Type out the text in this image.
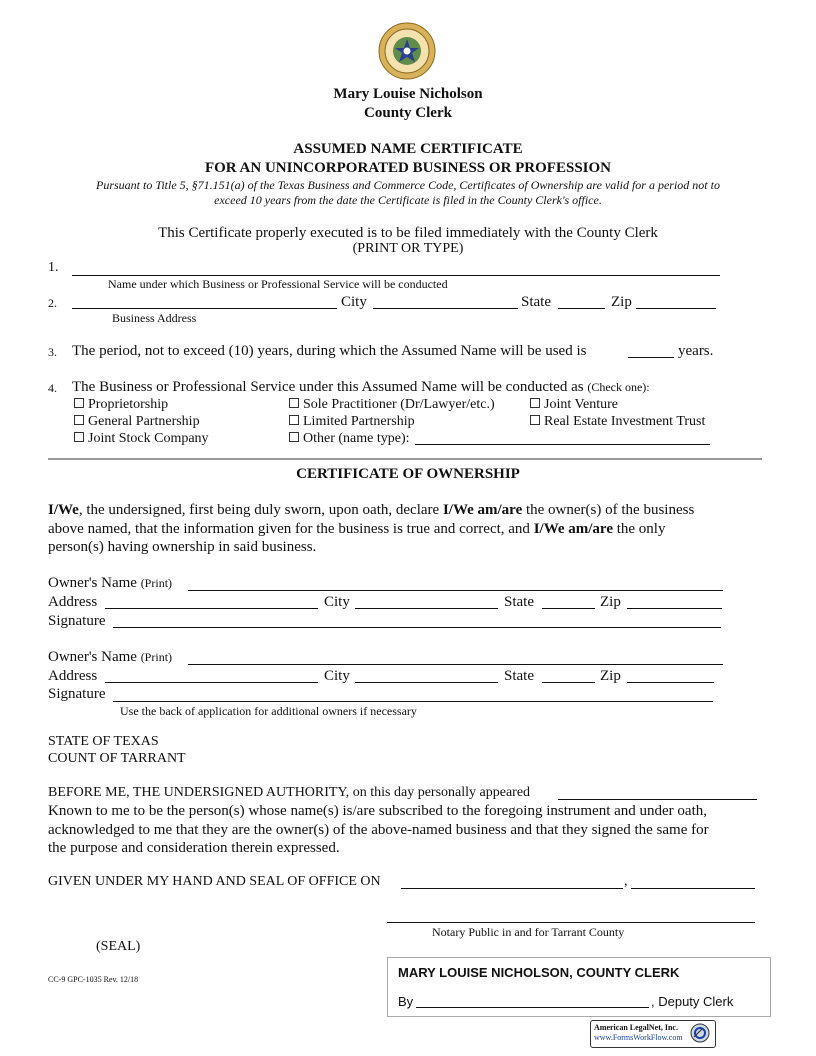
Mary Louise Nicholson
County Clerk
ASSUMED NAME CERTIFICATE
FOR AN UNINCORPORATED BUSINESS OR PROFESSION
Pursuant to Title 5, §71.151(a) of the Texas Business and Commerce Code, Certificates of Ownership are valid for a period not to
exceed 10 years from the date the Certificate is filed in the County Clerk's office.
This Certificate properly executed is to be filed immediately with the County Clerk
(PRINT OR TYPE)
1.
Name under which Business or Professional Service will be conducted
2.	City	State	Zip
Business Address
3. The period, not to exceed (10) years, during which the Assumed Name will be used is	years.
4. The Business or Professional Service under this Assumed Name will be conducted as (Check one):
Proprietorship	Sole Practitioner (Dr/Lawyer/etc.)	Joint Venture
General Partnership	Limited Partnership	Real Estate Investment Trust
Joint Stock Company	Other (name type):
CERTIFICATE OF OWNERSHIP
I/We, the undersigned, first being duly sworn, upon oath, declare I/We am/are the owner(s) of the business
above named, that the information given for the business is true and correct, and I/We am/are the only
person(s) having ownership in said business.
Owner's Name (Print)
Address	City	State	Zip
Signature
Owner's Name (Print)
Address	City	State	Zip
Signature
Use the back of application for additional owners if necessary
STATE OF TEXAS
COUNT OF TARRANT
BEFORE ME, THE UNDERSIGNED AUTHORITY, on this day personally appeared
Known to me to be the person(s) whose name(s) is/are subscribed to the foregoing instrument and under oath,
acknowledged to me that they are the owner(s) of the above-named business and that they signed the same for
the purpose and consideration therein expressed.
GIVEN UNDER MY HAND AND SEAL OF OFFICE ON	,
Notary Public in and for Tarrant County
(SEAL)
CC-9 GPC-1035 Rev. 12/18	MARY LOUISE NICHOLSON, COUNTY CLERK
By	, Deputy Clerk
American LegalNet, Inc.
www.FormsWorkFlow.com
